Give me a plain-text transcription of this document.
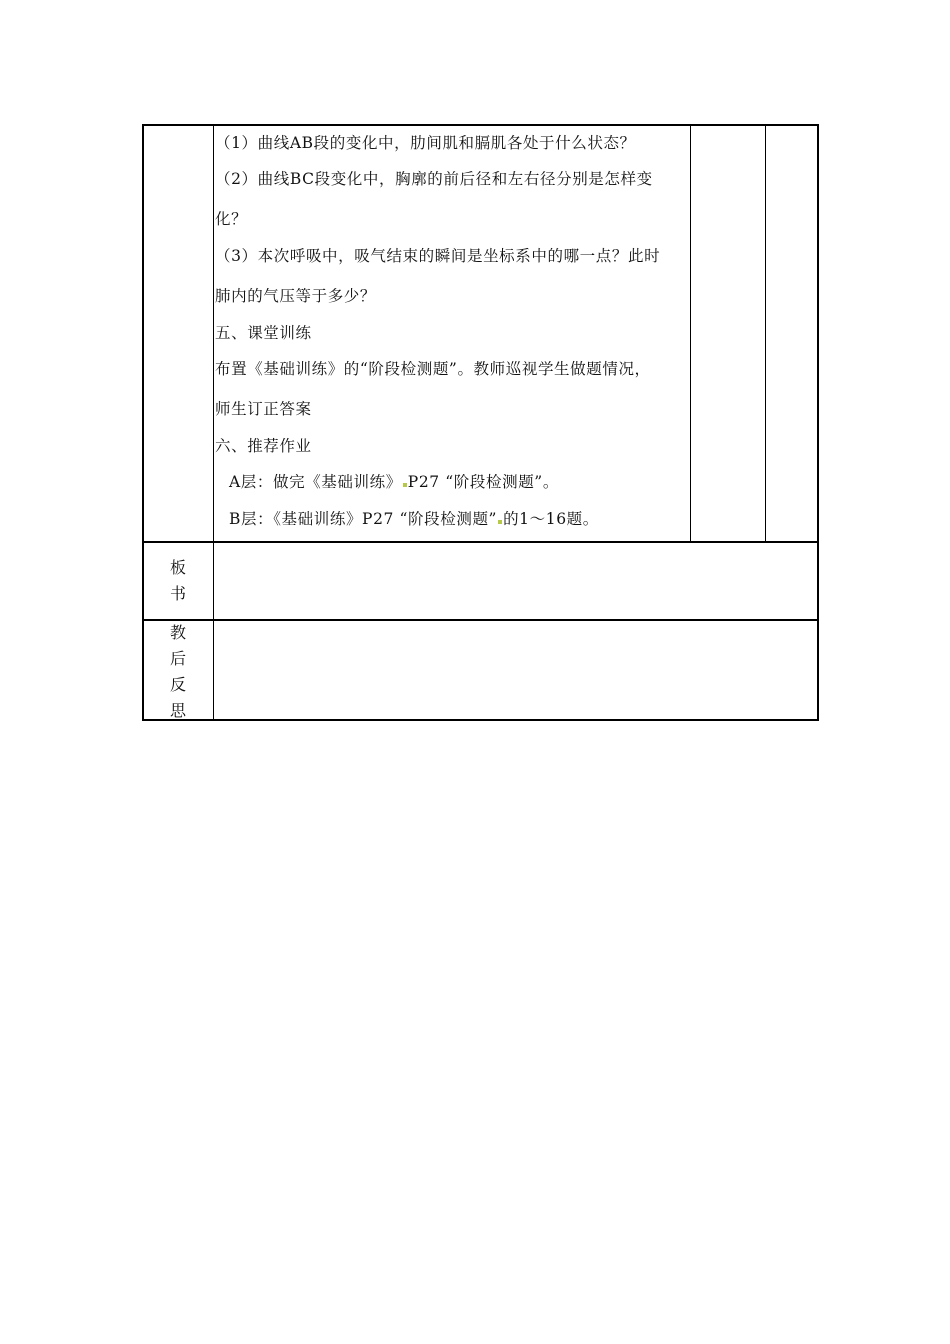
（1）曲线AB段的变化中，肋间肌和膈肌各处于什么状态？
（2）曲线BC段变化中，胸廓的前后径和左右径分别是怎样变
化？
（3）本次呼吸中，吸气结束的瞬间是坐标系中的哪一点？此时
肺内的气压等于多少？
五、课堂训练
布置《基础训练》的“阶段检测题”。教师巡视学生做题情况，
师生订正答案
六、推荐作业
A层：做完《基础训练》 P27 “阶段检测题”。
B层：《基础训练》P27 “阶段检测题” 的1～16题。
板
书
教
后
反
思
